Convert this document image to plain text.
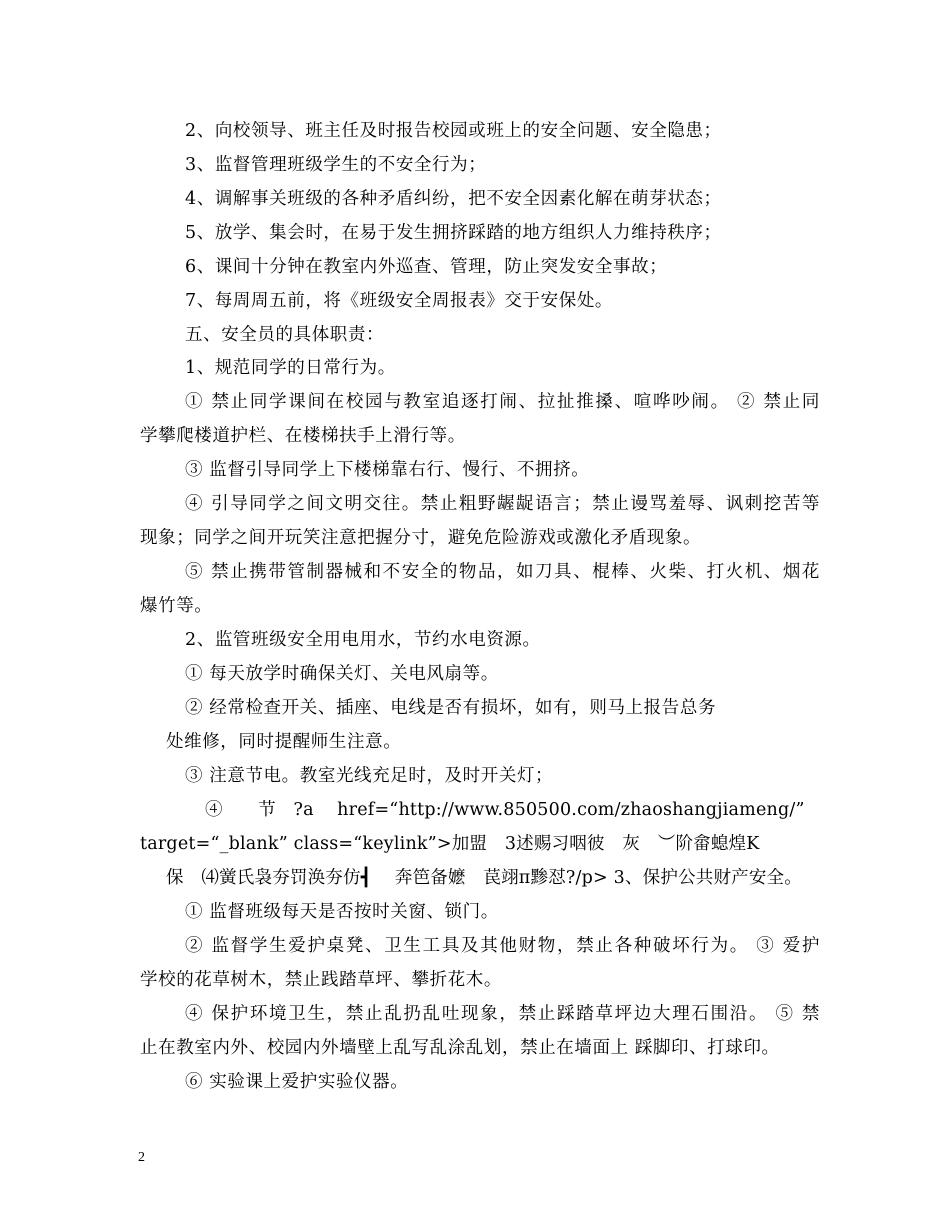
2、向校领导、班主任及时报告校园或班上的安全问题、安全隐患；
3、监督管理班级学生的不安全行为；
4、调解事关班级的各种矛盾纠纷，把不安全因素化解在萌芽状态；
5、放学、集会时，在易于发生拥挤踩踏的地方组织人力维持秩序；
6、课间十分钟在教室内外巡查、管理，防止突发安全事故；
7、每周周五前，将《班级安全周报表》交于安保处。
五、安全员的具体职责：
1、规范同学的日常行为。
① 禁止同学课间在校园与教室追逐打闹、拉扯推搡、喧哗吵闹。 ② 禁止同
学攀爬楼道护栏、在楼梯扶手上滑行等。
③ 监督引导同学上下楼梯靠右行、慢行、不拥挤。
④ 引导同学之间文明交往。禁止粗野龌龊语言；禁止谩骂羞辱、讽刺挖苦等
现象；同学之间开玩笑注意把握分寸，避免危险游戏或激化矛盾现象。
⑤ 禁止携带管制器械和不安全的物品，如刀具、棍棒、火柴、打火机、烟花
爆竹等。
2、监管班级安全用电用水，节约水电资源。
① 每天放学时确保关灯、关电风扇等。
② 经常检查开关、插座、电线是否有损坏，如有，则马上报告总务
处维修，同时提醒师生注意。
③ 注意节电。教室光线充足时，及时开关灯；
④　　节　?a　 href=“http://www.850500.com/zhaoshangjiameng/”
target=“_blank” class=“keylink”>加盟　3述赐习咽彼　灰　︶阶畲螅煌K
保　⑷黉氏袅夯罚涣夯仿┫　 奔笆备嬷　苠翊π黪怼?/p> 3、保护公共财产安全。
① 监督班级每天是否按时关窗、锁门。
② 监督学生爱护桌凳、卫生工具及其他财物，禁止各种破坏行为。 ③ 爱护
学校的花草树木，禁止践踏草坪、攀折花木。
④ 保护环境卫生，禁止乱扔乱吐现象，禁止踩踏草坪边大理石围沿。 ⑤ 禁
止在教室内外、校园内外墙壁上乱写乱涂乱划，禁止在墙面上 踩脚印、打球印。
⑥ 实验课上爱护实验仪器。
2
